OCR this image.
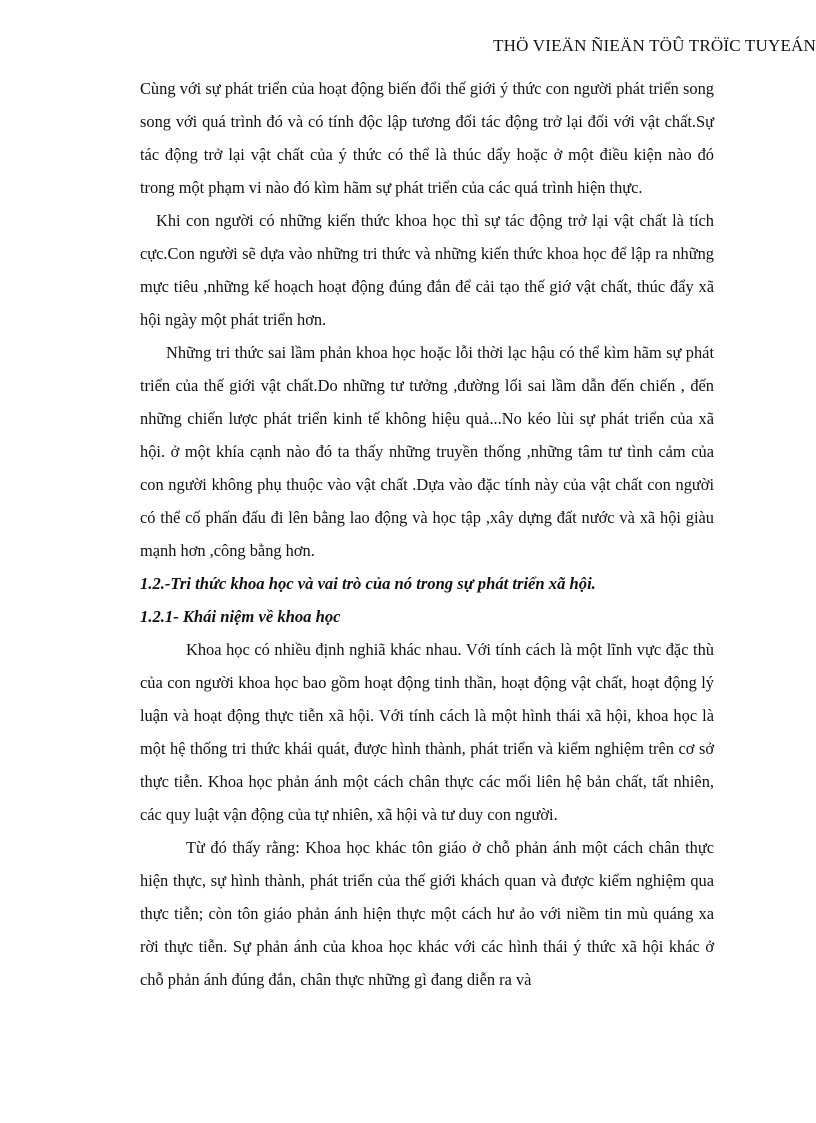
THÖ VIEÄN ÑIEÄN TÖÛ TRÖÏC TUYEÁN

Cùng với sự phát triển của hoạt động biến đổi thế giới ý thức con người phát triển song song với quá trình đó và có tính độc lập tương đối tác động trở lại đối với vật chất.Sự tác động trở lại vật chất của ý thức có thể là thúc dẩy hoặc ở một điều kiện nào đó trong một phạm vi nào đó kìm hãm sự phát triển của các quá trình hiện thực.

Khi con người có những kiến thức khoa học thì sự tác động trở lại vật chất là tích cực.Con người sẽ dựa vào những tri thức và những kiến thức khoa học để lập ra những mực tiêu ,những kế hoạch hoạt động đúng đắn để cải tạo thế giớ vật chất, thúc đẩy xã hội ngày một phát triển hơn.

Những tri thức sai lầm phản khoa học hoặc lỗi thời lạc hậu có thể kìm hãm sự phát triển của thế giới vật chất.Do những tư tưởng ,đường lối sai lầm dẫn đến chiến , đến những chiến lược phát triển kinh tế không hiệu quả...No kéo lùi sự phát triển của xã hội. ở một khía cạnh nào đó ta thấy những truyền thống ,những tâm tư tình cảm của con người không phụ thuộc vào vật chất .Dựa vào đặc tính này của vật chất con người có thể cố phấn đấu đi lên bằng lao động và học tập ,xây dựng đất nước và xã hội giàu mạnh hơn ,công bằng hơn.

1.2.-Tri thức khoa học và vai trò của nó trong sự phát triển xã hội.

1.2.1- Khái niệm về khoa học

Khoa học có nhiều định nghiã khác nhau. Với tính cách là một lĩnh vực đặc thù của con người khoa học bao gồm hoạt động tinh thần, hoạt động vật chất, hoạt động lý luận và hoạt động thực tiễn xã hội. Với tính cách là một hình thái xã hội, khoa học là một hệ thống tri thức khái quát, được hình thành, phát triển và kiểm nghiệm trên cơ sở thực tiễn. Khoa học phản ánh một cách chân thực các mối liên hệ bản chất, tất nhiên, các quy luật vận động của tự nhiên, xã hội và tư duy con người.

Từ đó thấy rằng: Khoa học khác tôn giáo ở chỗ phản ánh một cách chân thực hiện thực, sự hình thành, phát triển của thế giới khách quan và được kiểm nghiệm qua thực tiễn; còn tôn giáo phản ánh hiện thực một cách hư ảo với niềm tin mù quáng xa rời thực tiễn. Sự phản ánh của khoa học khác với các hình thái ý thức xã hội khác ở chỗ phản ánh đúng đắn, chân thực những gì đang diễn ra và
